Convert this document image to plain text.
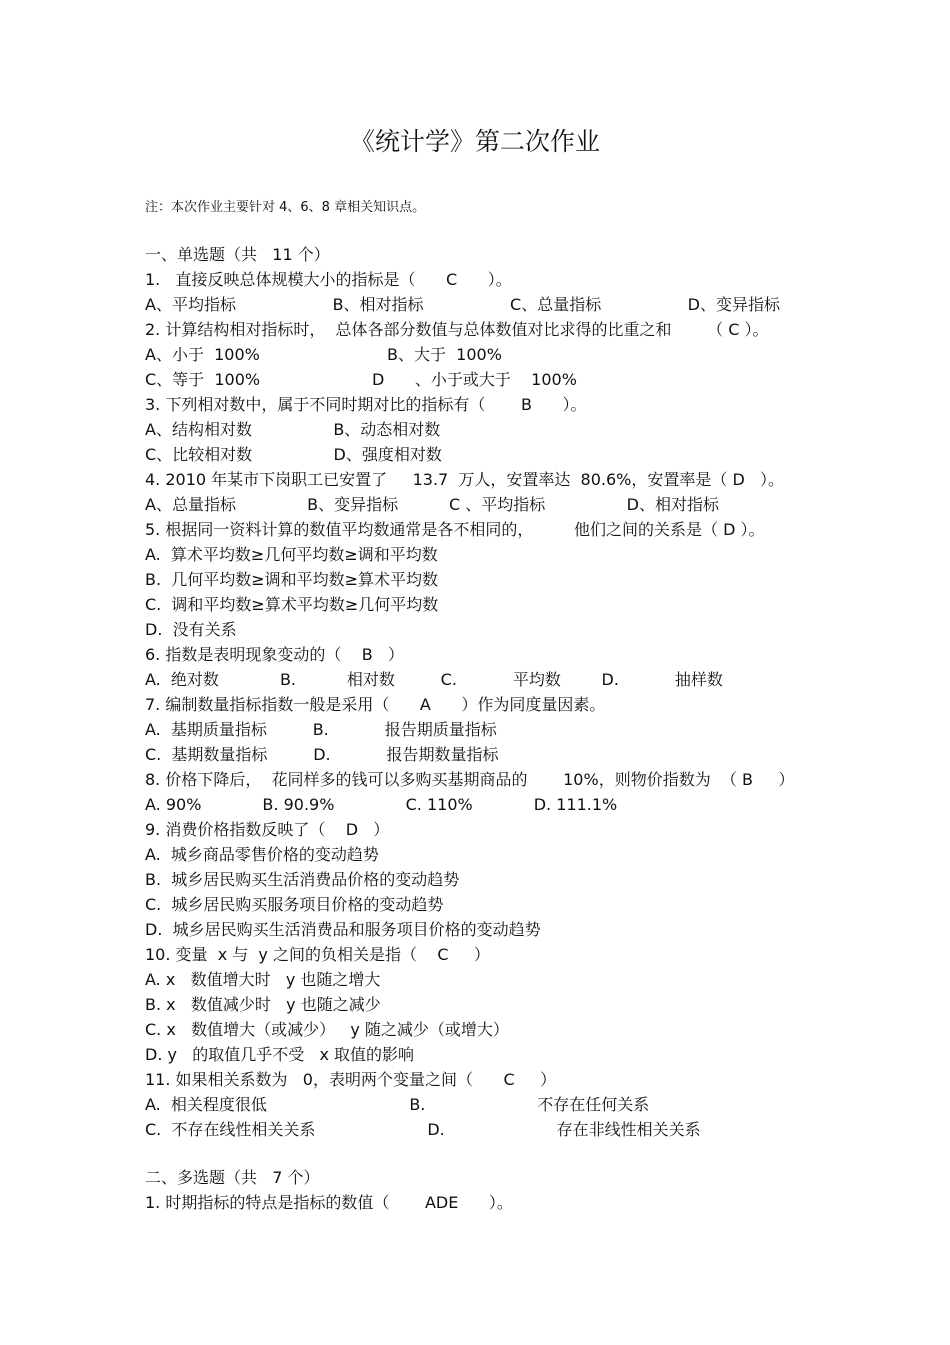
《统计学》第二次作业
注：本次作业主要针对 4、6、8 章相关知识点。
一、单选题（共   11 个）
1.   直接反映总体规模大小的指标是（      C      ）。
A、平均指标                   B、相对指标                 C、总量指标                 D、变异指标
2. 计算结构相对指标时，  总体各部分数值与总体数值对比求得的比重之和       （ C ）。
A、小于  100%                         B、大于  100%
C、等于  100%                      D      、小于或大于    100%
3. 下列相对数中，属于不同时期对比的指标有（       B      ）。
A、结构相对数                B、动态相对数
C、比较相对数                D、强度相对数
4. 2010 年某市下岗职工已安置了     13.7  万人，安置率达  80.6%，安置率是（ D   ）。
A、总量指标              B、变异指标          C 、平均指标                D、相对指标
5. 根据同一资料计算的数值平均数通常是各不相同的，        他们之间的关系是（ D ）。
A.  算术平均数≥几何平均数≥调和平均数
B.  几何平均数≥调和平均数≥算术平均数
C.  调和平均数≥算术平均数≥几何平均数
D.  没有关系
6. 指数是表明现象变动的（    B   ）
A.  绝对数            B.          相对数         C.           平均数        D.           抽样数
7. 编制数量指标指数一般是采用（      A      ）作为同度量因素。
A.  基期质量指标         B.           报告期质量指标
C.  基期数量指标         D.           报告期数量指标
8. 价格下降后，  花同样多的钱可以多购买基期商品的       10%，则物价指数为  （ B     ）
A. 90%            B. 90.9%              C. 110%            D. 111.1%
9. 消费价格指数反映了（    D   ）
A.  城乡商品零售价格的变动趋势
B.  城乡居民购买生活消费品价格的变动趋势
C.  城乡居民购买服务项目价格的变动趋势
D.  城乡居民购买生活消费品和服务项目价格的变动趋势
10. 变量  x 与  y 之间的负相关是指（    C     ）
A. x   数值增大时   y 也随之增大
B. x   数值减少时   y 也随之减少
C. x   数值增大（或减少）   y 随之减少（或增大）
D. y   的取值几乎不受   x 取值的影响
11. 如果相关系数为   0，表明两个变量之间（      C     ）
A.  相关程度很低                            B.                      不存在任何关系
C.  不存在线性相关关系                      D.                      存在非线性相关关系
二、多选题（共   7 个）
1. 时期指标的特点是指标的数值（       ADE      ）。
